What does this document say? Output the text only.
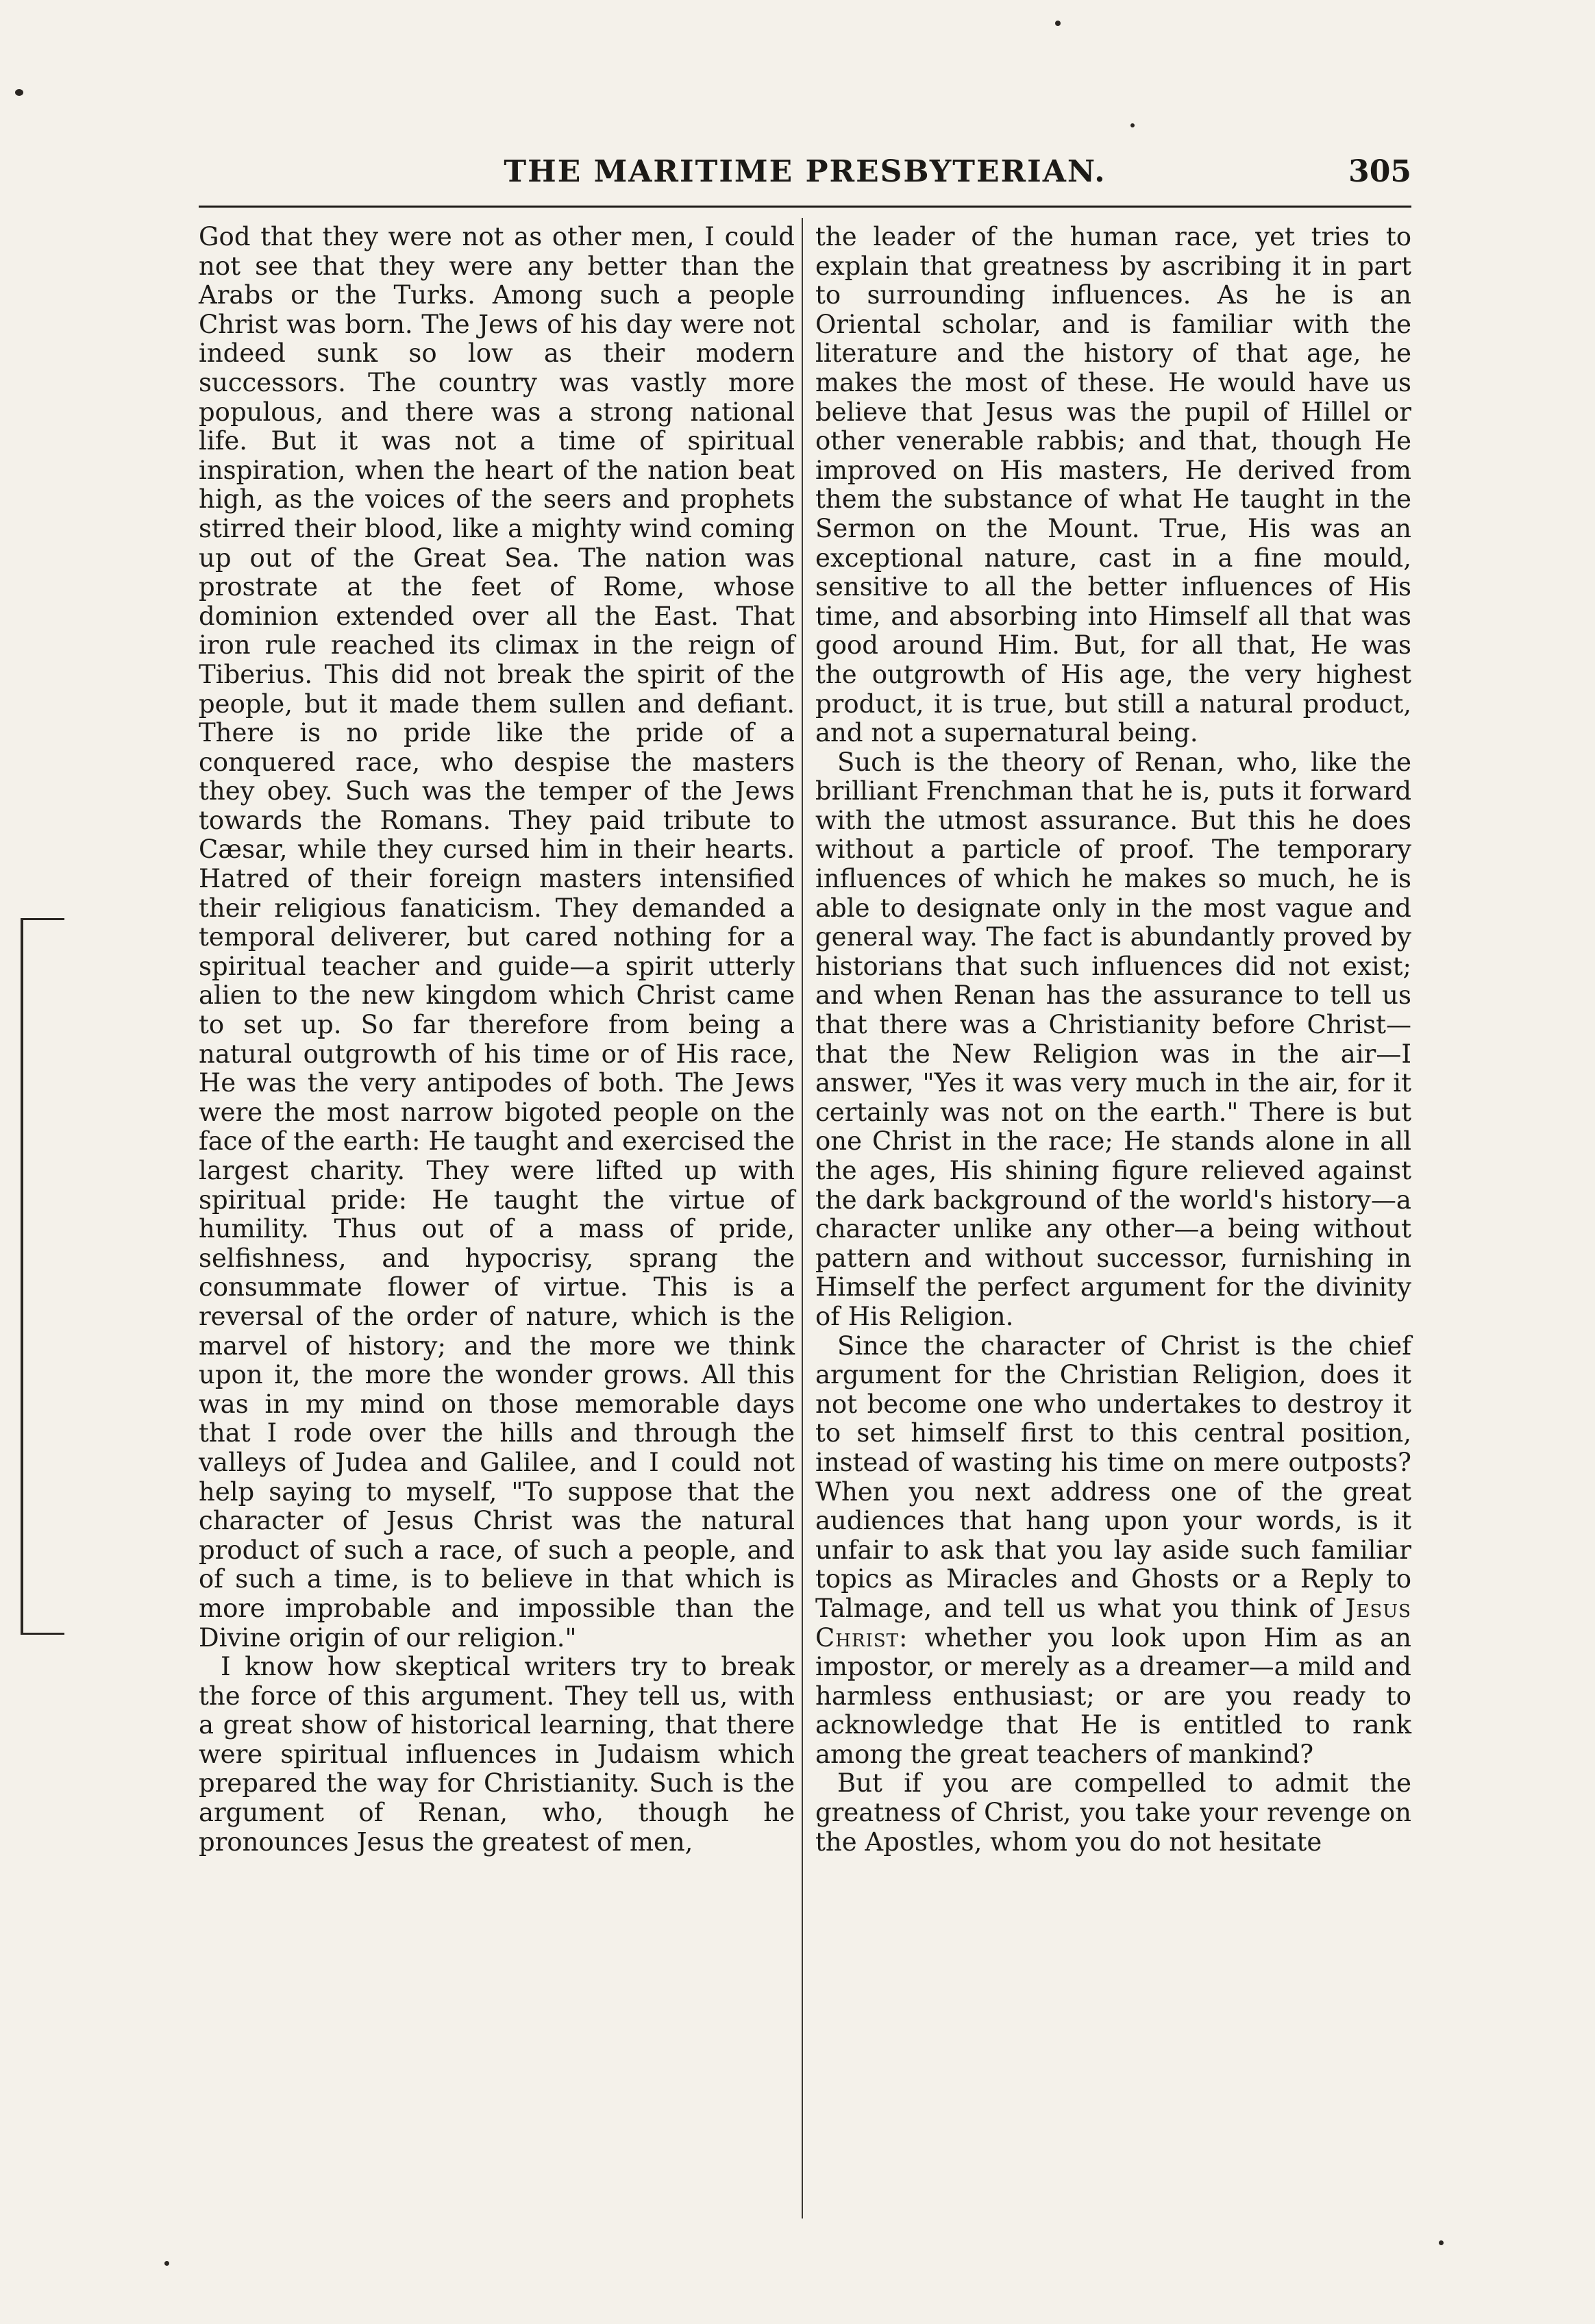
THE MARITIME PRESBYTERIAN.	305

God that they were not as other men, I could not see that they were any better than the Arabs or the Turks. Among such a people Christ was born. The Jews of his day were not indeed sunk so low as their modern successors. The country was vastly more populous, and there was a strong national life. But it was not a time of spiritual inspiration, when the heart of the nation beat high, as the voices of the seers and prophets stirred their blood, like a mighty wind coming up out of the Great Sea. The nation was prostrate at the feet of Rome, whose dominion extended over all the East. That iron rule reached its climax in the reign of Tiberius. This did not break the spirit of the people, but it made them sullen and defiant. There is no pride like the pride of a conquered race, who despise the masters they obey. Such was the temper of the Jews towards the Romans. They paid tribute to Cæsar, while they cursed him in their hearts. Hatred of their foreign masters intensified their religious fanaticism. They demanded a temporal deliverer, but cared nothing for a spiritual teacher and guide—a spirit utterly alien to the new kingdom which Christ came to set up. So far therefore from being a natural outgrowth of his time or of His race, He was the very antipodes of both. The Jews were the most narrow bigoted people on the face of the earth: He taught and exercised the largest charity. They were lifted up with spiritual pride: He taught the virtue of humility. Thus out of a mass of pride, selfishness, and hypocrisy, sprang the consummate flower of virtue. This is a reversal of the order of nature, which is the marvel of history; and the more we think upon it, the more the wonder grows. All this was in my mind on those memorable days that I rode over the hills and through the valleys of Judea and Galilee, and I could not help saying to myself, "To suppose that the character of Jesus Christ was the natural product of such a race, of such a people, and of such a time, is to believe in that which is more improbable and impossible than the Divine origin of our religion."

I know how skeptical writers try to break the force of this argument. They tell us, with a great show of historical learning, that there were spiritual influences in Judaism which prepared the way for Christianity. Such is the argument of Renan, who, though he pronounces Jesus the greatest of men,

the leader of the human race, yet tries to explain that greatness by ascribing it in part to surrounding influences. As he is an Oriental scholar, and is familiar with the literature and the history of that age, he makes the most of these. He would have us believe that Jesus was the pupil of Hillel or other venerable rabbis; and that, though He improved on His masters, He derived from them the substance of what He taught in the Sermon on the Mount. True, His was an exceptional nature, cast in a fine mould, sensitive to all the better influences of His time, and absorbing into Himself all that was good around Him. But, for all that, He was the outgrowth of His age, the very highest product, it is true, but still a natural product, and not a supernatural being.

Such is the theory of Renan, who, like the brilliant Frenchman that he is, puts it forward with the utmost assurance. But this he does without a particle of proof. The temporary influences of which he makes so much, he is able to designate only in the most vague and general way. The fact is abundantly proved by historians that such influences did not exist; and when Renan has the assurance to tell us that there was a Christianity before Christ—that the New Religion was in the air—I answer, "Yes it was very much in the air, for it certainly was not on the earth." There is but one Christ in the race; He stands alone in all the ages, His shining figure relieved against the dark background of the world's history—a character unlike any other—a being without pattern and without successor, furnishing in Himself the perfect argument for the divinity of His Religion.

Since the character of Christ is the chief argument for the Christian Religion, does it not become one who undertakes to destroy it to set himself first to this central position, instead of wasting his time on mere outposts? When you next address one of the great audiences that hang upon your words, is it unfair to ask that you lay aside such familiar topics as Miracles and Ghosts or a Reply to Talmage, and tell us what you think of Jesus Christ: whether you look upon Him as an impostor, or merely as a dreamer—a mild and harmless enthusiast; or are you ready to acknowledge that He is entitled to rank among the great teachers of mankind?

But if you are compelled to admit the greatness of Christ, you take your revenge on the Apostles, whom you do not hesitate
